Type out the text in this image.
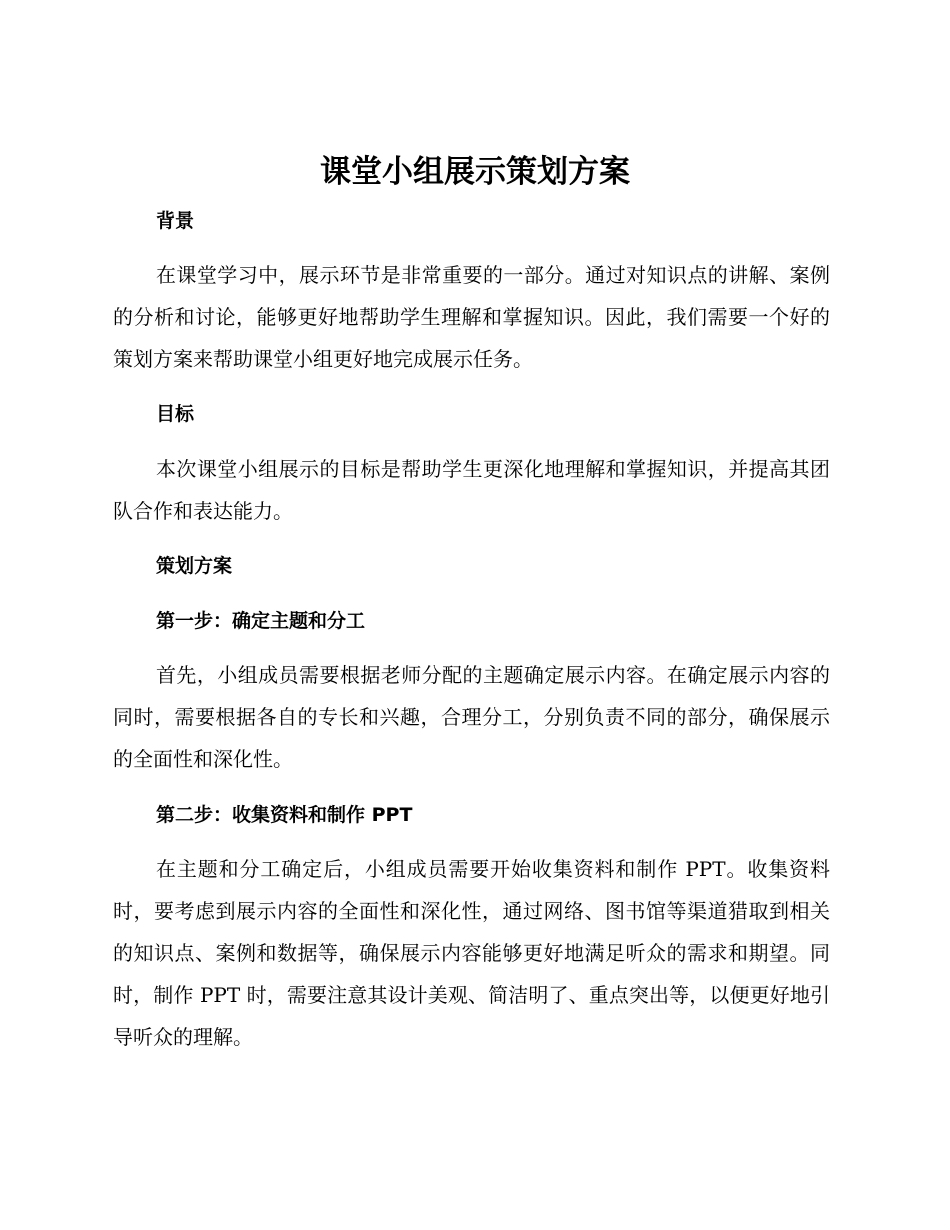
课堂小组展示策划方案
背景

在课堂学习中，展示环节是非常重要的一部分。通过对知识点的讲解、案例的分析和讨论，能够更好地帮助学生理解和掌握知识。因此，我们需要一个好的策划方案来帮助课堂小组更好地完成展示任务。

目标

本次课堂小组展示的目标是帮助学生更深化地理解和掌握知识，并提高其团队合作和表达能力。

策划方案
第一步：确定主题和分工

首先，小组成员需要根据老师分配的主题确定展示内容。在确定展示内容的同时，需要根据各自的专长和兴趣，合理分工，分别负责不同的部分，确保展示的全面性和深化性。

第二步：收集资料和制作 PPT

在主题和分工确定后，小组成员需要开始收集资料和制作 PPT。收集资料时，要考虑到展示内容的全面性和深化性，通过网络、图书馆等渠道猎取到相关的知识点、案例和数据等，确保展示内容能够更好地满足听众的需求和期望。同时，制作 PPT 时，需要注意其设计美观、简洁明了、重点突出等，以便更好地引导听众的理解。
